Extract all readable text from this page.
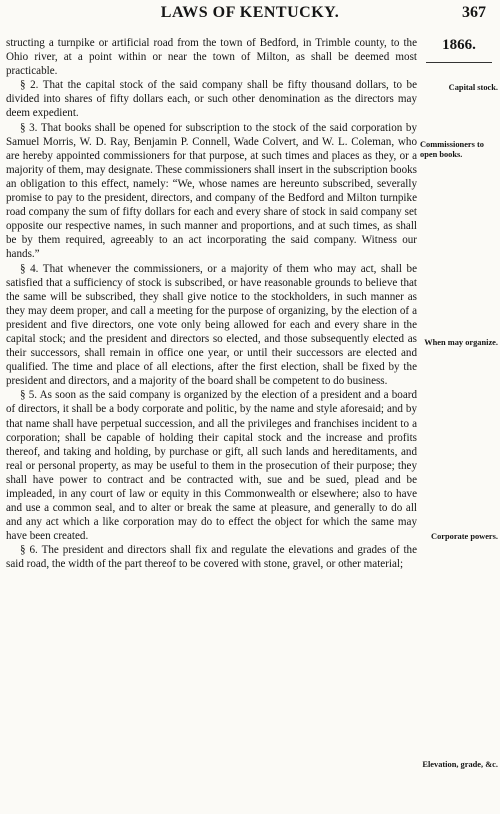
LAWS OF KENTUCKY.	367
1866.
Capital stock.
Commissioners to open books.
When may organize.
Corporate powers.
Elevation, grade, &c.

structing a turnpike or artificial road from the town of Bedford, in Trimble county, to the Ohio river, at a point within or near the town of Milton, as shall be deemed most practicable.

§ 2. That the capital stock of the said company shall be fifty thousand dollars, to be divided into shares of fifty dollars each, or such other denomination as the directors may deem expedient.

§ 3. That books shall be opened for subscription to the stock of the said corporation by Samuel Morris, W. D. Ray, Benjamin P. Connell, Wade Colvert, and W. L. Coleman, who are hereby appointed commissioners for that purpose, at such times and places as they, or a majority of them, may designate. These commissioners shall insert in the subscription books an obligation to this effect, namely: “We, whose names are hereunto subscribed, severally promise to pay to the president, directors, and company of the Bedford and Milton turnpike road company the sum of fifty dollars for each and every share of stock in said company set opposite our respective names, in such manner and proportions, and at such times, as shall be by them required, agreeably to an act incorporating the said company. Witness our hands.”

§ 4. That whenever the commissioners, or a majority of them who may act, shall be satisfied that a sufficiency of stock is subscribed, or have reasonable grounds to believe that the same will be subscribed, they shall give notice to the stockholders, in such manner as they may deem proper, and call a meeting for the purpose of organizing, by the election of a president and five directors, one vote only being allowed for each and every share in the capital stock; and the president and directors so elected, and those subsequently elected as their successors, shall remain in office one year, or until their successors are elected and qualified. The time and place of all elections, after the first election, shall be fixed by the president and directors, and a majority of the board shall be competent to do business.

§ 5. As soon as the said company is organized by the election of a president and a board of directors, it shall be a body corporate and politic, by the name and style aforesaid; and by that name shall have perpetual succession, and all the privileges and franchises incident to a corporation; shall be capable of holding their capital stock and the increase and profits thereof, and taking and holding, by purchase or gift, all such lands and hereditaments, and real or personal property, as may be useful to them in the prosecution of their purpose; they shall have power to contract and be contracted with, sue and be sued, plead and be impleaded, in any court of law or equity in this Commonwealth or elsewhere; also to have and use a common seal, and to alter or break the same at pleasure, and generally to do all and any act which a like corporation may do to effect the object for which the same may have been created.

§ 6. The president and directors shall fix and regulate the elevations and grades of the said road, the width of the part thereof to be covered with stone, gravel, or other material;
